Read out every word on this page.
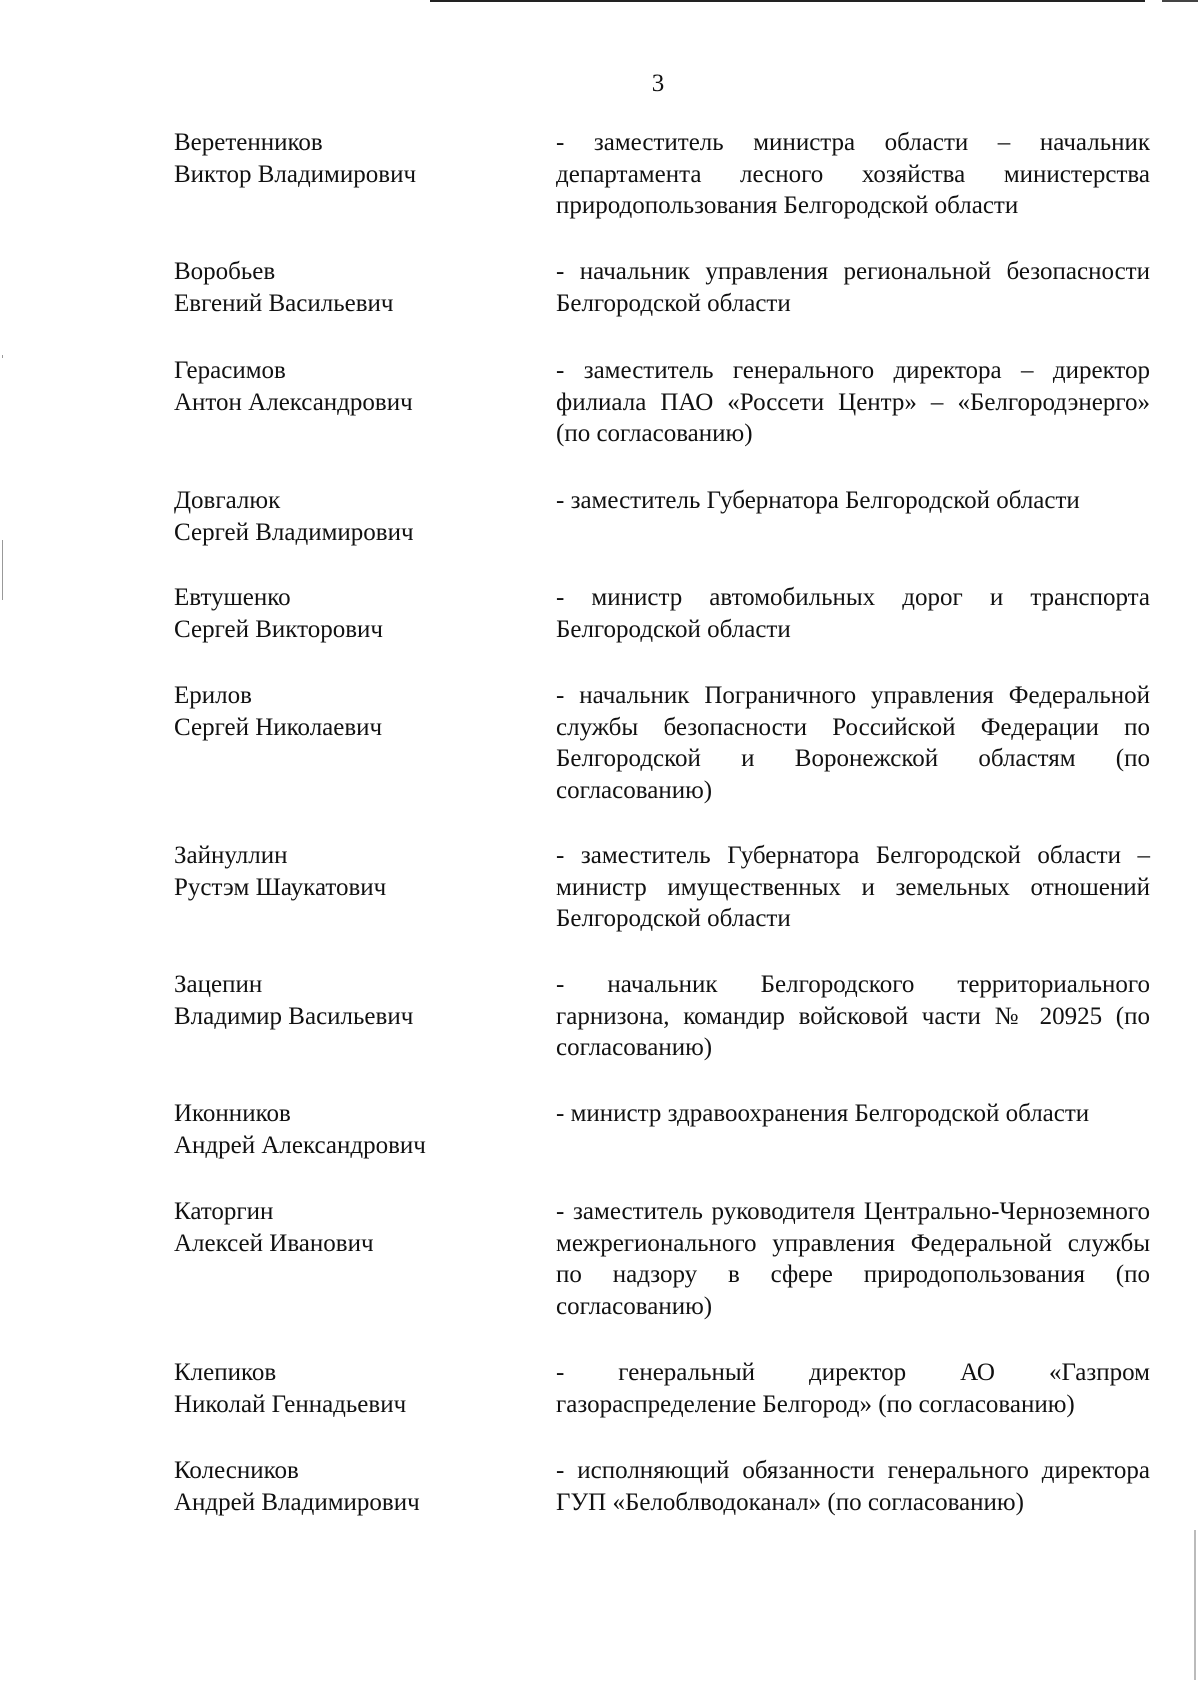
3
Веретенников
Виктор Владимирович
- заместитель министра области – начальник департамента лесного хозяйства министерства природопользования Белгородской области
Воробьев
Евгений Васильевич
- начальник управления региональной безопасности Белгородской области
Герасимов
Антон Александрович
- заместитель генерального директора – директор филиала ПАО «Россети Центр» – «Белгородэнерго» (по согласованию)
Довгалюк
Сергей Владимирович
- заместитель Губернатора Белгородской области
Евтушенко
Сергей Викторович
- министр автомобильных дорог и транспорта Белгородской области
Ерилов
Сергей Николаевич
- начальник Пограничного управления Федеральной службы безопасности Российской Федерации по Белгородской и Воронежской областям (по согласованию)
Зайнуллин
Рустэм Шаукатович
- заместитель Губернатора Белгородской области – министр имущественных и земельных отношений Белгородской области
Зацепин
Владимир Васильевич
- начальник Белгородского территориального гарнизона, командир войсковой части № 20925 (по согласованию)
Иконников
Андрей Александрович
- министр здравоохранения Белгородской области
Каторгин
Алексей Иванович
- заместитель руководителя Центрально-Черноземного межрегионального управления Федеральной службы по надзору в сфере природопользования (по согласованию)
Клепиков
Николай Геннадьевич
- генеральный директор АО «Газпром газораспределение Белгород» (по согласованию)
Колесников
Андрей Владимирович
- исполняющий обязанности генерального директора ГУП «Белоблводоканал» (по согласованию)
